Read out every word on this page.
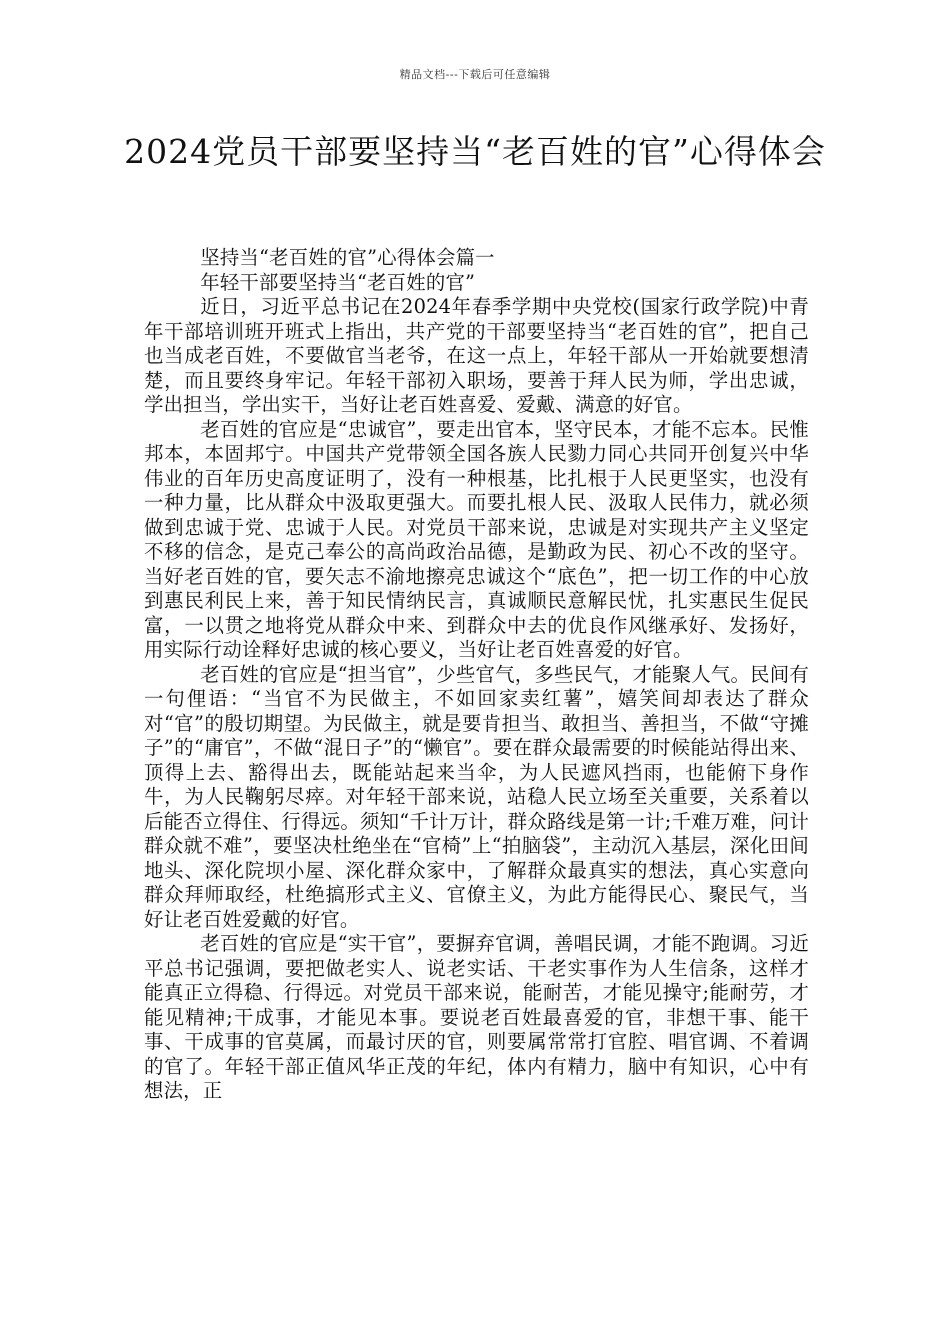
精品文档---下载后可任意编辑
2024党员干部要坚持当“老百姓的官”心得体会

坚持当“老百姓的官”心得体会篇一

年轻干部要坚持当“老百姓的官”

近日，习近平总书记在2024年春季学期中央党校(国家行政学院)中青年干部培训班开班式上指出，共产党的干部要坚持当“老百姓的官”，把自己也当成老百姓，不要做官当老爷，在这一点上，年轻干部从一开始就要想清楚，而且要终身牢记。年轻干部初入职场，要善于拜人民为师，学出忠诚，学出担当，学出实干，当好让老百姓喜爱、爱戴、满意的好官。

老百姓的官应是“忠诚官”，要走出官本，坚守民本，才能不忘本。民惟邦本，本固邦宁。中国共产党带领全国各族人民勠力同心共同开创复兴中华伟业的百年历史高度证明了，没有一种根基，比扎根于人民更坚实，也没有一种力量，比从群众中汲取更强大。而要扎根人民、汲取人民伟力，就必须做到忠诚于党、忠诚于人民。对党员干部来说，忠诚是对实现共产主义坚定不移的信念，是克己奉公的高尚政治品德，是勤政为民、初心不改的坚守。当好老百姓的官，要矢志不渝地擦亮忠诚这个“底色”，把一切工作的中心放到惠民利民上来，善于知民情纳民言，真诚顺民意解民忧，扎实惠民生促民富，一以贯之地将党从群众中来、到群众中去的优良作风继承好、发扬好，用实际行动诠释好忠诚的核心要义，当好让老百姓喜爱的好官。

老百姓的官应是“担当官”，少些官气，多些民气，才能聚人气。民间有一句俚语：“当官不为民做主，不如回家卖红薯”，嬉笑间却表达了群众对“官”的殷切期望。为民做主，就是要肯担当、敢担当、善担当，不做“守摊子”的“庸官”，不做“混日子”的“懒官”。要在群众最需要的时候能站得出来、顶得上去、豁得出去，既能站起来当伞，为人民遮风挡雨，也能俯下身作牛，为人民鞠躬尽瘁。对年轻干部来说，站稳人民立场至关重要，关系着以后能否立得住、行得远。须知“千计万计，群众路线是第一计;千难万难，问计群众就不难”，要坚决杜绝坐在“官椅”上“拍脑袋”，主动沉入基层，深化田间地头、深化院坝小屋、深化群众家中，了解群众最真实的想法，真心实意向群众拜师取经，杜绝搞形式主义、官僚主义，为此方能得民心、聚民气，当好让老百姓爱戴的好官。

老百姓的官应是“实干官”，要摒弃官调，善唱民调，才能不跑调。习近平总书记强调，要把做老实人、说老实话、干老实事作为人生信条，这样才能真正立得稳、行得远。对党员干部来说，能耐苦，才能见操守;能耐劳，才能见精神;干成事，才能见本事。要说老百姓最喜爱的官，非想干事、能干事、干成事的官莫属，而最讨厌的官，则要属常常打官腔、唱官调、不着调的官了。年轻干部正值风华正茂的年纪，体内有精力，脑中有知识，心中有想法，正
